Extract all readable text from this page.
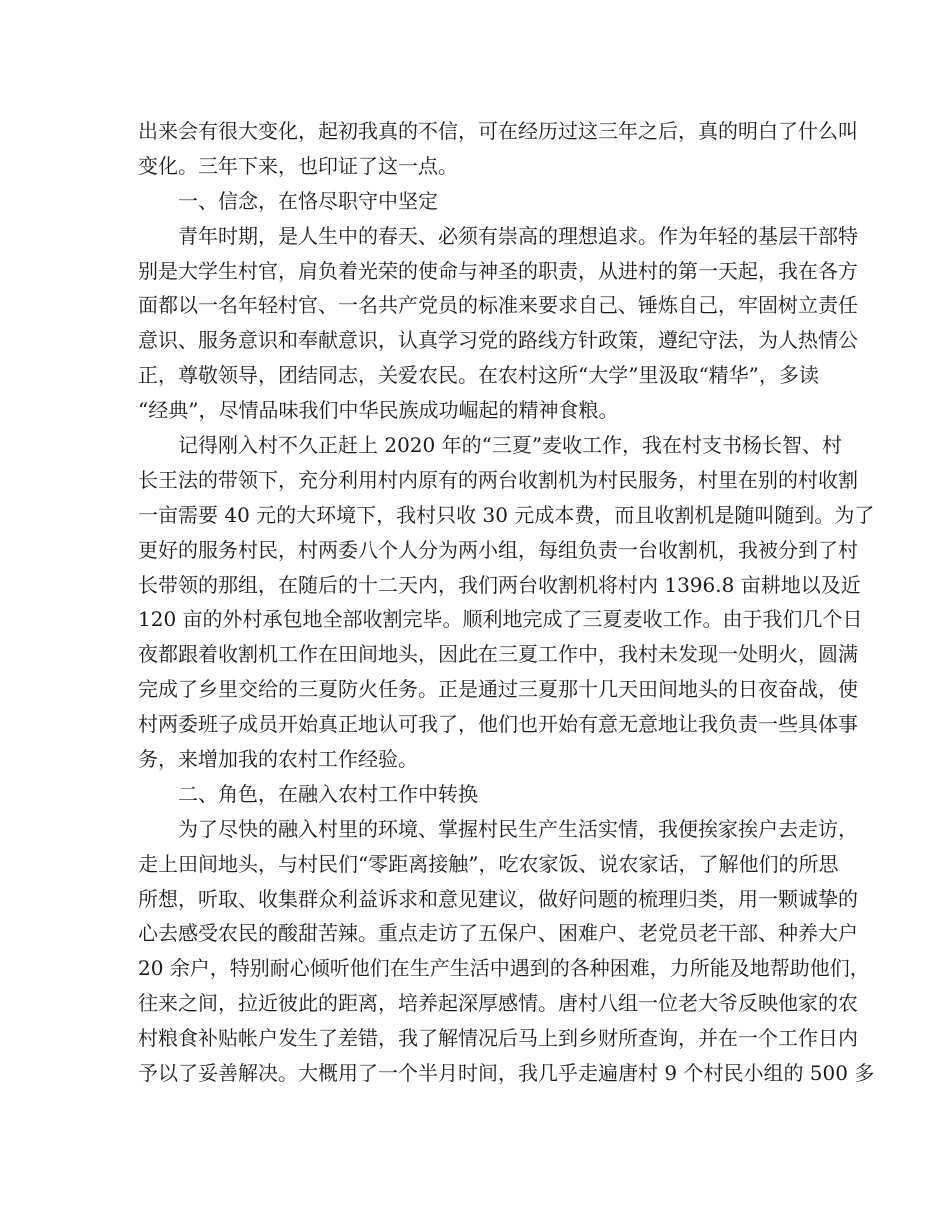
出来会有很大变化，起初我真的不信，可在经历过这三年之后，真的明白了什么叫
变化。三年下来，也印证了这一点。
一、信念，在恪尽职守中坚定
青年时期，是人生中的春天、必须有崇高的理想追求。作为年轻的基层干部特
别是大学生村官，肩负着光荣的使命与神圣的职责，从进村的第一天起，我在各方
面都以一名年轻村官、一名共产党员的标准来要求自己、锤炼自己，牢固树立责任
意识、服务意识和奉献意识，认真学习党的路线方针政策，遵纪守法，为人热情公
正，尊敬领导，团结同志，关爱农民。在农村这所“大学”里汲取“精华”，多读
“经典”，尽情品味我们中华民族成功崛起的精神食粮。
记得刚入村不久正赶上 2020 年的“三夏”麦收工作，我在村支书杨长智、村
长王法的带领下，充分利用村内原有的两台收割机为村民服务，村里在别的村收割
一亩需要 40 元的大环境下，我村只收 30 元成本费，而且收割机是随叫随到。为了
更好的服务村民，村两委八个人分为两小组，每组负责一台收割机，我被分到了村
长带领的那组，在随后的十二天内，我们两台收割机将村内 1396.8 亩耕地以及近
120 亩的外村承包地全部收割完毕。顺利地完成了三夏麦收工作。由于我们几个日
夜都跟着收割机工作在田间地头，因此在三夏工作中，我村未发现一处明火，圆满
完成了乡里交给的三夏防火任务。正是通过三夏那十几天田间地头的日夜奋战，使
村两委班子成员开始真正地认可我了，他们也开始有意无意地让我负责一些具体事
务，来增加我的农村工作经验。
二、角色，在融入农村工作中转换
为了尽快的融入村里的环境、掌握村民生产生活实情，我便挨家挨户去走访，
走上田间地头，与村民们“零距离接触”，吃农家饭、说农家话，了解他们的所思
所想，听取、收集群众利益诉求和意见建议，做好问题的梳理归类，用一颗诚挚的
心去感受农民的酸甜苦辣。重点走访了五保户、困难户、老党员老干部、种养大户
20 余户，特别耐心倾听他们在生产生活中遇到的各种困难，力所能及地帮助他们，
往来之间，拉近彼此的距离，培养起深厚感情。唐村八组一位老大爷反映他家的农
村粮食补贴帐户发生了差错，我了解情况后马上到乡财所查询，并在一个工作日内
予以了妥善解决。大概用了一个半月时间，我几乎走遍唐村 9 个村民小组的 500 多
